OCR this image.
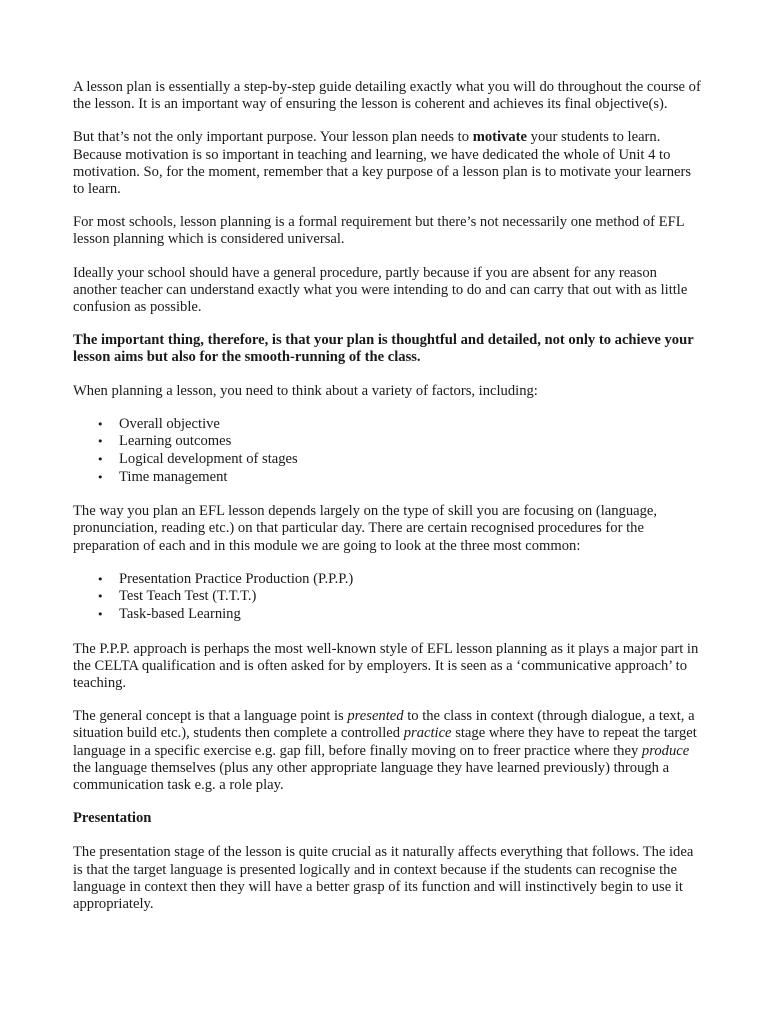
A lesson plan is essentially a step-by-step guide detailing exactly what you will do throughout the course of the lesson. It is an important way of ensuring the lesson is coherent and achieves its final objective(s).

But that’s not the only important purpose. Your lesson plan needs to motivate your students to learn. Because motivation is so important in teaching and learning, we have dedicated the whole of Unit 4 to motivation. So, for the moment, remember that a key purpose of a lesson plan is to motivate your learners to learn.

For most schools, lesson planning is a formal requirement but there’s not necessarily one method of EFL lesson planning which is considered universal.

Ideally your school should have a general procedure, partly because if you are absent for any reason another teacher can understand exactly what you were intending to do and can carry that out with as little confusion as possible.

The important thing, therefore, is that your plan is thoughtful and detailed, not only to achieve your lesson aims but also for the smooth-running of the class.

When planning a lesson, you need to think about a variety of factors, including:

• Overall objective
• Learning outcomes
• Logical development of stages
• Time management

The way you plan an EFL lesson depends largely on the type of skill you are focusing on (language, pronunciation, reading etc.) on that particular day. There are certain recognised procedures for the preparation of each and in this module we are going to look at the three most common:

• Presentation Practice Production (P.P.P.)
• Test Teach Test (T.T.T.)
• Task-based Learning

The P.P.P. approach is perhaps the most well-known style of EFL lesson planning as it plays a major part in the CELTA qualification and is often asked for by employers. It is seen as a ‘communicative approach’ to teaching.

The general concept is that a language point is presented to the class in context (through dialogue, a text, a situation build etc.), students then complete a controlled practice stage where they have to repeat the target language in a specific exercise e.g. gap fill, before finally moving on to freer practice where they produce the language themselves (plus any other appropriate language they have learned previously) through a communication task e.g. a role play.

Presentation

The presentation stage of the lesson is quite crucial as it naturally affects everything that follows. The idea is that the target language is presented logically and in context because if the students can recognise the language in context then they will have a better grasp of its function and will instinctively begin to use it appropriately.
